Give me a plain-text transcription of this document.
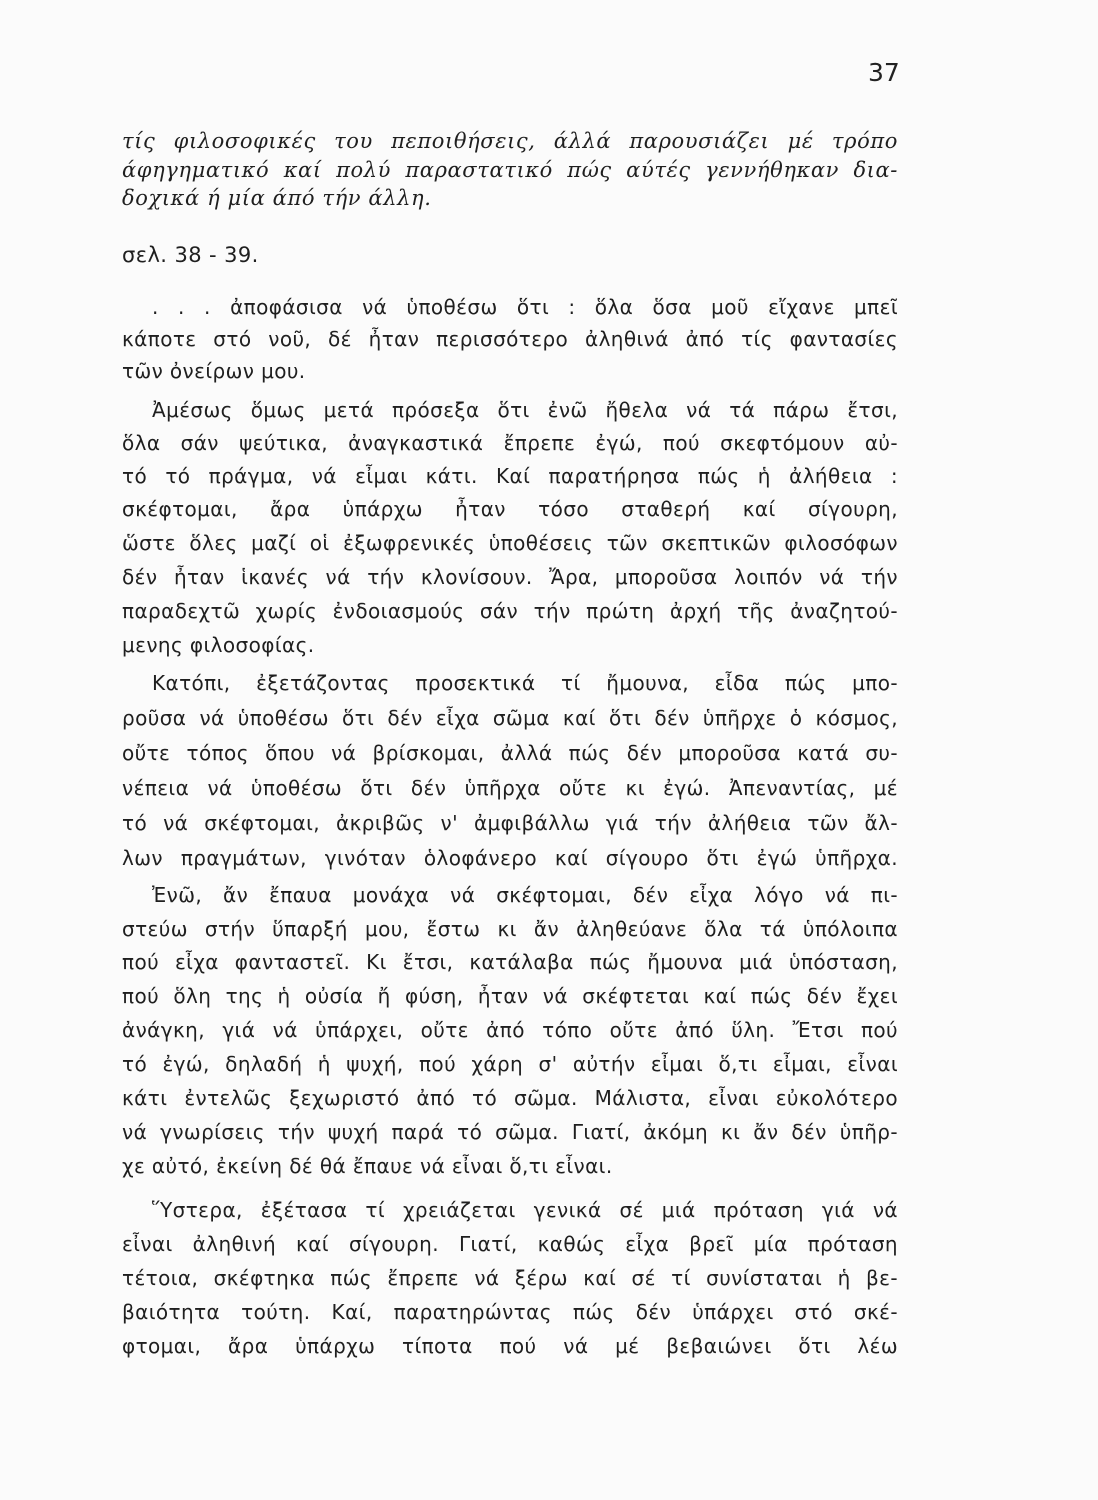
37
τίς φιλοσοφικές του πεποιθήσεις, άλλά παρουσιάζει μέ τρόπο
άφηγηματικό καί πολύ παραστατικό πώς αύτές γεννήθηκαν δια-
δοχικά ή μία άπό τήν άλλη.
σελ. 38 - 39.
. . . ἀποφάσισα νά ὑποθέσω ὅτι : ὅλα ὅσα μοῦ εἴχανε μπεῖ
κάποτε στό νοῦ, δέ ἦταν περισσότερο ἀληθινά ἀπό τίς φαντασίες
τῶν ὀνείρων μου.
Ἀμέσως ὅμως μετά πρόσεξα ὅτι ἐνῶ ἤθελα νά τά πάρω ἔτσι,
ὅλα σάν ψεύτικα, ἀναγκαστικά ἔπρεπε ἐγώ, πού σκεφτόμουν αὐ-
τό τό πράγμα, νά εἶμαι κάτι. Καί παρατήρησα πώς ἡ ἀλήθεια :
σκέφτομαι, ἄρα ὑπάρχω ἦταν τόσο σταθερή καί σίγουρη,
ὥστε ὅλες μαζί οἱ ἐξωφρενικές ὑποθέσεις τῶν σκεπτικῶν φιλοσόφων
δέν ἦταν ἱκανές νά τήν κλονίσουν. Ἄρα, μποροῦσα λοιπόν νά τήν
παραδεχτῶ χωρίς ἐνδοιασμούς σάν τήν πρώτη ἀρχή τῆς ἀναζητού-
μενης φιλοσοφίας.
Κατόπι, ἐξετάζοντας προσεκτικά τί ἤμουνα, εἶδα πώς μπο-
ροῦσα νά ὑποθέσω ὅτι δέν εἶχα σῶμα καί ὅτι δέν ὑπῆρχε ὁ κόσμος,
οὔτε τόπος ὅπου νά βρίσκομαι, ἀλλά πώς δέν μποροῦσα κατά συ-
νέπεια νά ὑποθέσω ὅτι δέν ὑπῆρχα οὔτε κι ἐγώ. Ἀπεναντίας, μέ
τό νά σκέφτομαι, ἀκριβῶς ν' ἀμφιβάλλω γιά τήν ἀλήθεια τῶν ἄλ-
λων πραγμάτων, γινόταν ὁλοφάνερο καί σίγουρο ὅτι ἐγώ ὑπῆρχα.
Ἐνῶ, ἄν ἔπαυα μονάχα νά σκέφτομαι, δέν εἶχα λόγο νά πι-
στεύω στήν ὕπαρξή μου, ἔστω κι ἄν ἀληθεύανε ὅλα τά ὑπόλοιπα
πού εἶχα φανταστεῖ. Κι ἔτσι, κατάλαβα πώς ἤμουνα μιά ὑπόσταση,
πού ὅλη της ἡ οὐσία ἤ φύση, ἦταν νά σκέφτεται καί πώς δέν ἔχει
ἀνάγκη, γιά νά ὑπάρχει, οὔτε ἀπό τόπο οὔτε ἀπό ὕλη. Ἔτσι πού
τό ἐγώ, δηλαδή ἡ ψυχή, πού χάρη σ' αὐτήν εἶμαι ὅ,τι εἶμαι, εἶναι
κάτι ἐντελῶς ξεχωριστό ἀπό τό σῶμα. Μάλιστα, εἶναι εὐκολότερο
νά γνωρίσεις τήν ψυχή παρά τό σῶμα. Γιατί, ἀκόμη κι ἄν δέν ὑπῆρ-
χε αὐτό, ἐκείνη δέ θά ἔπαυε νά εἶναι ὅ,τι εἶναι.
Ὕστερα, ἐξέτασα τί χρειάζεται γενικά σέ μιά πρόταση γιά νά
εἶναι ἀληθινή καί σίγουρη. Γιατί, καθώς εἶχα βρεῖ μία πρόταση
τέτοια, σκέφτηκα πώς ἔπρεπε νά ξέρω καί σέ τί συνίσταται ἡ βε-
βαιότητα τούτη. Καί, παρατηρώντας πώς δέν ὑπάρχει στό σκέ-
φτομαι, ἄρα ὑπάρχω τίποτα πού νά μέ βεβαιώνει ὅτι λέω
